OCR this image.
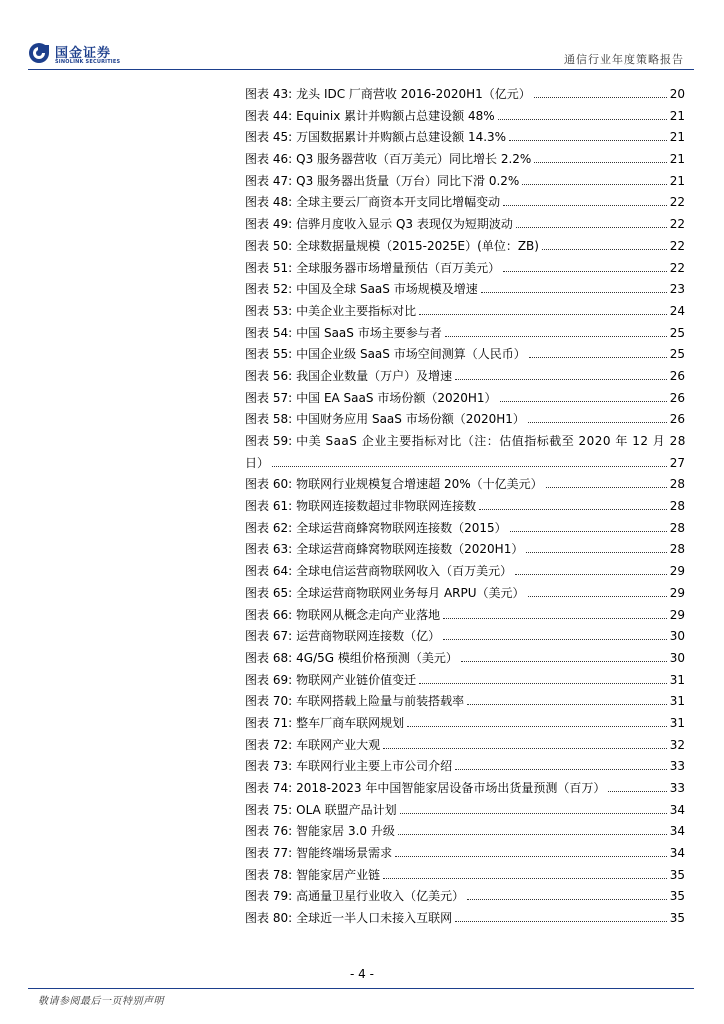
国金证券
SINOLINK SECURITIES	通信行业年度策略报告
图表 43: 龙头 IDC 厂商营收 2016-2020H1（亿元）	20
图表 44: Equinix 累计并购额占总建设额 48%	21
图表 45: 万国数据累计并购额占总建设额 14.3%	21
图表 46: Q3 服务器营收（百万美元）同比增长 2.2%	21
图表 47: Q3 服务器出货量（万台）同比下滑 0.2%	21
图表 48: 全球主要云厂商资本开支同比增幅变动	22
图表 49: 信骅月度收入显示 Q3 表现仅为短期波动	22
图表 50: 全球数据量规模（2015-2025E）(单位：ZB)	22
图表 51: 全球服务器市场增量预估（百万美元）	22
图表 52: 中国及全球 SaaS 市场规模及增速	23
图表 53: 中美企业主要指标对比	24
图表 54: 中国 SaaS 市场主要参与者	25
图表 55: 中国企业级 SaaS 市场空间测算（人民币）	25
图表 56: 我国企业数量（万户）及增速	26
图表 57: 中国 EA SaaS 市场份额（2020H1）	26
图表 58: 中国财务应用 SaaS 市场份额（2020H1）	26
图表 59: 中美 SaaS 企业主要指标对比（注：估值指标截至 2020 年 12 月 28
日）	27
图表 60: 物联网行业规模复合增速超 20%（十亿美元）	28
图表 61: 物联网连接数超过非物联网连接数	28
图表 62: 全球运营商蜂窝物联网连接数（2015）	28
图表 63: 全球运营商蜂窝物联网连接数（2020H1）	28
图表 64: 全球电信运营商物联网收入（百万美元）	29
图表 65: 全球运营商物联网业务每月 ARPU（美元）	29
图表 66: 物联网从概念走向产业落地	29
图表 67: 运营商物联网连接数（亿）	30
图表 68: 4G/5G 模组价格预测（美元）	30
图表 69: 物联网产业链价值变迁	31
图表 70: 车联网搭载上险量与前装搭载率	31
图表 71: 整车厂商车联网规划	31
图表 72: 车联网产业大观	32
图表 73: 车联网行业主要上市公司介绍	33
图表 74: 2018-2023 年中国智能家居设备市场出货量预测（百万）	33
图表 75: OLA 联盟产品计划	34
图表 76: 智能家居 3.0 升级	34
图表 77: 智能终端场景需求	34
图表 78: 智能家居产业链	35
图表 79: 高通量卫星行业收入（亿美元）	35
图表 80: 全球近一半人口未接入互联网	35
- 4 -
敬请参阅最后一页特别声明
